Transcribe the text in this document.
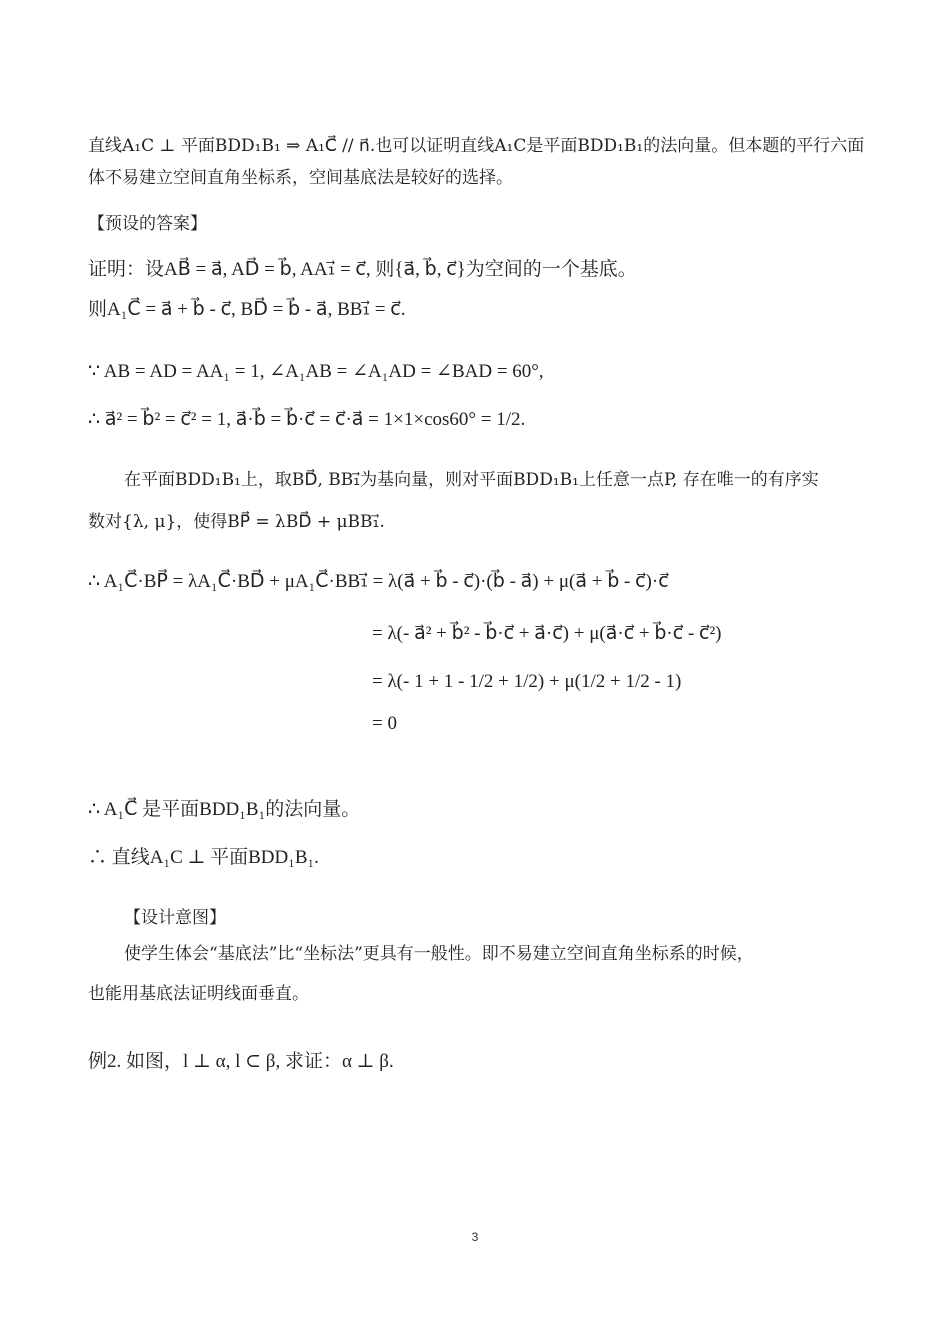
直线A₁C ⊥ 平面BDD₁B₁ ⇒ A₁C⃗ // n⃗.也可以证明直线A₁C是平面BDD₁B₁的法向量。但本题的平行六面
体不易建立空间直角坐标系，空间基底法是较好的选择。
【预设的答案】
证明：设AB⃗ = a⃗, AD⃗ = b⃗, AA₁⃗ = c⃗, 则{a⃗, b⃗, c⃗}为空间的一个基底。
则A₁C⃗ = a⃗ + b⃗ - c⃗, BD⃗ = b⃗ - a⃗, BB₁⃗ = c⃗.
∵ AB = AD = AA₁ = 1, ∠A₁AB = ∠A₁AD = ∠BAD = 60°,
∴ a⃗² = b⃗² = c⃗² = 1, a⃗·b⃗ = b⃗·c⃗ = c⃗·a⃗ = 1×1×cos60° = 1/2.
在平面BDD₁B₁上，取BD⃗, BB₁⃗为基向量，则对平面BDD₁B₁上任意一点P, 存在唯一的有序实
数对{λ, μ}，使得BP⃗ = λBD⃗ + μBB₁⃗.
∴ A₁C⃗·BP⃗ = λA₁C⃗·BD⃗ + μA₁C⃗·BB₁⃗ = λ(a⃗ + b⃗ - c⃗)·(b⃗ - a⃗) + μ(a⃗ + b⃗ - c⃗)·c⃗
= λ(- a⃗² + b⃗² - b⃗·c⃗ + a⃗·c⃗) + μ(a⃗·c⃗ + b⃗·c⃗ - c⃗²)
= λ(- 1 + 1 - 1/2 + 1/2) + μ(1/2 + 1/2 - 1)
= 0
∴ A₁C⃗ 是平面BDD₁B₁的法向量。
∴ 直线A₁C ⊥ 平面BDD₁B₁.
【设计意图】
使学生体会“基底法”比“坐标法”更具有一般性。即不易建立空间直角坐标系的时候，
也能用基底法证明线面垂直。
例2. 如图，l ⊥ α, l ⊂ β, 求证：α ⊥ β.
3
